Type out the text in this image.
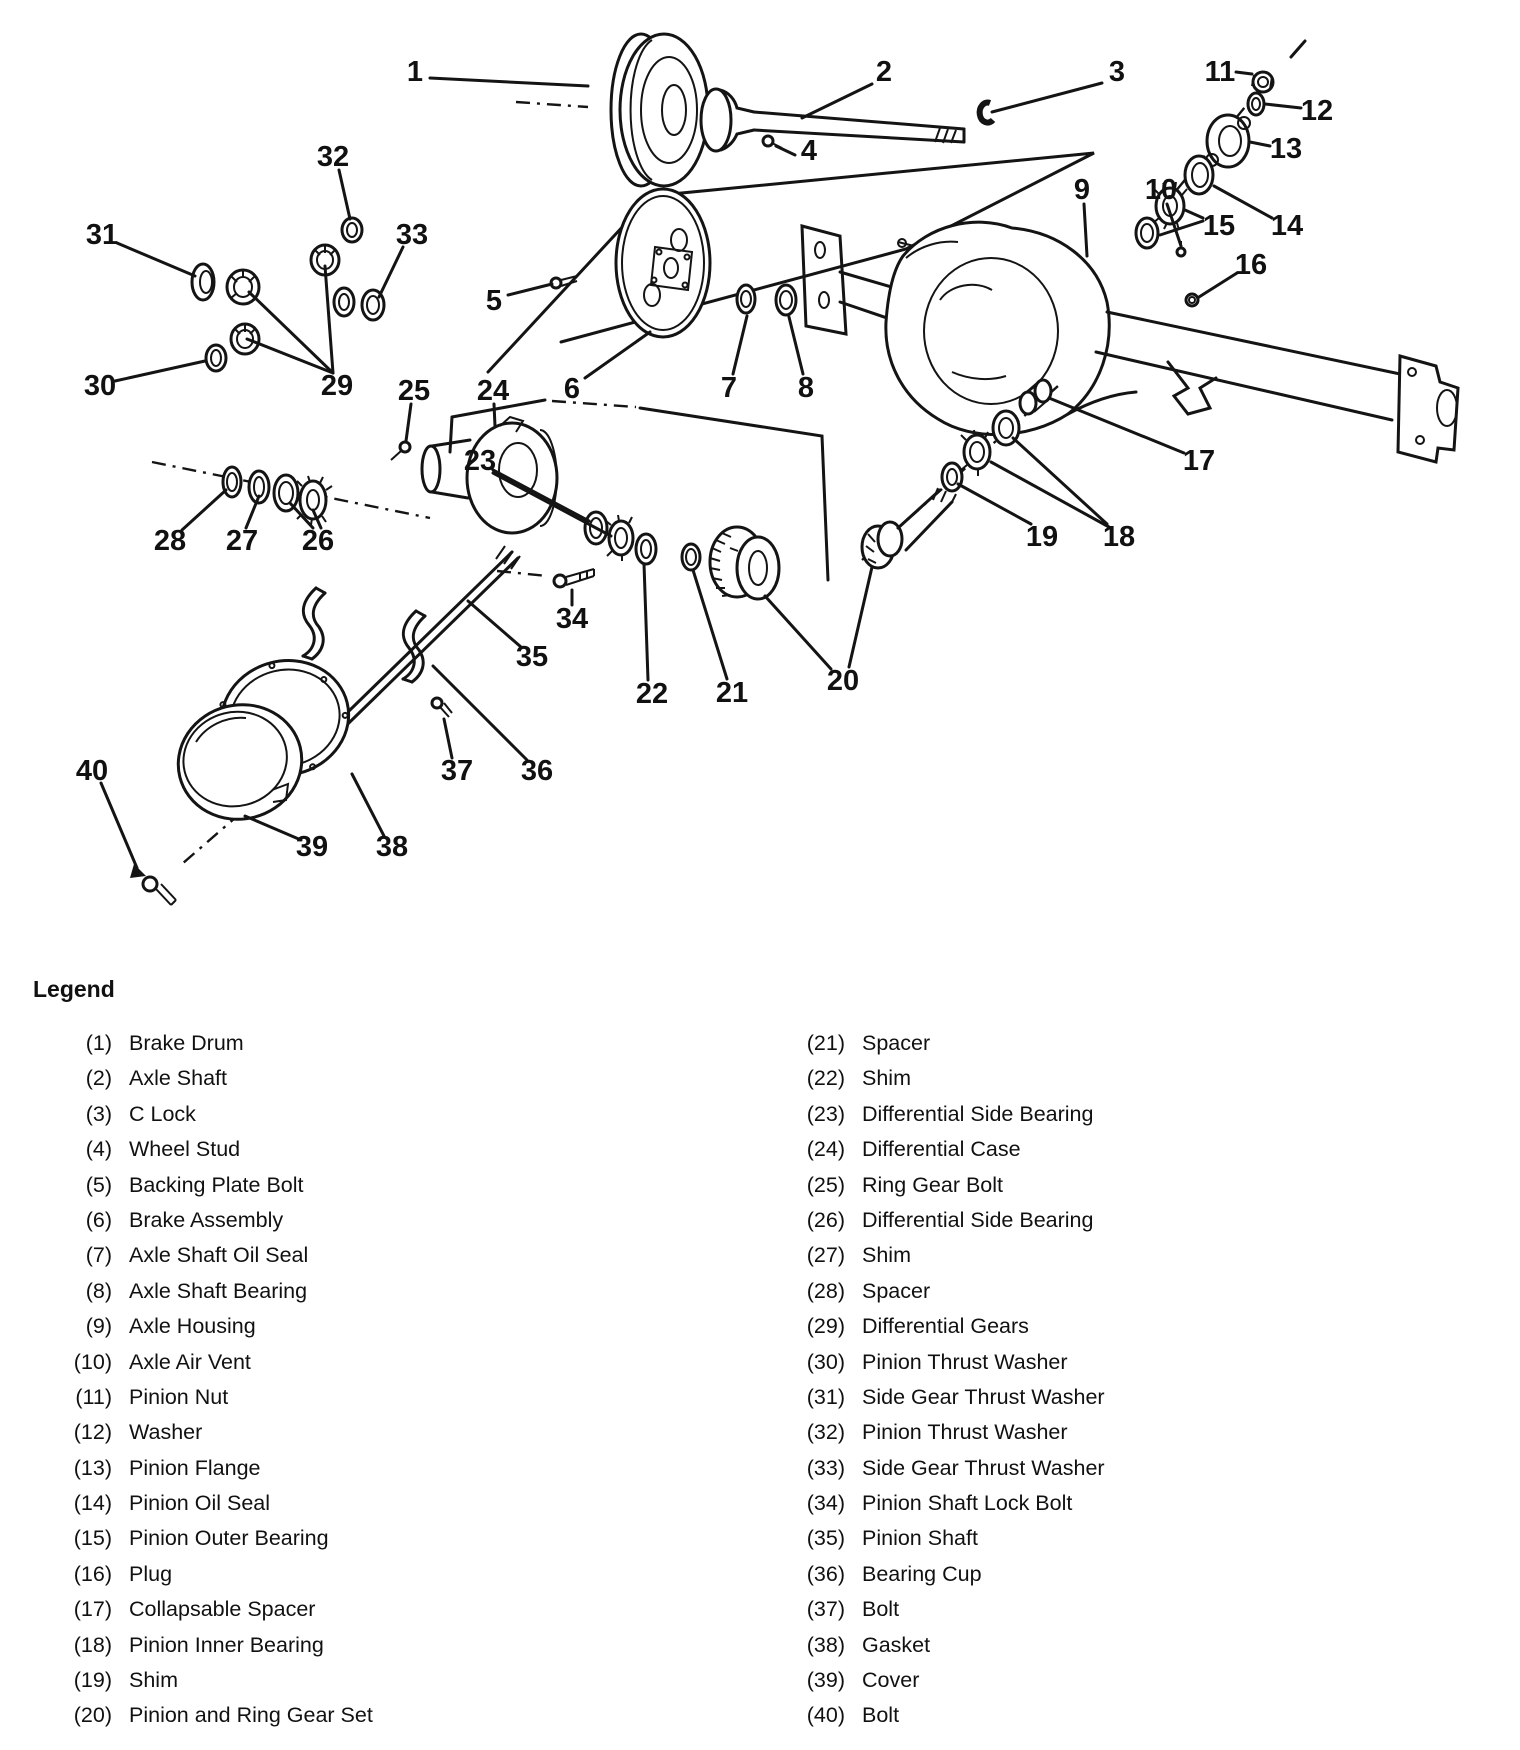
1	2	3
4
5
6	7 8
9 10
11
12
13
14
15
16
17
18
19
20
21
22
23
24
25
26
27
28
29
30
31
32
33
34
35
36
37
38
39
40
Legend
(1) Brake Drum
(2) Axle Shaft
(3) C Lock
(4) Wheel Stud
(5) Backing Plate Bolt
(6) Brake Assembly
(7) Axle Shaft Oil Seal
(8) Axle Shaft Bearing
(9) Axle Housing
(10) Axle Air Vent
(11) Pinion Nut
(12) Washer
(13) Pinion Flange
(14) Pinion Oil Seal
(15) Pinion Outer Bearing
(16) Plug
(17) Collapsable Spacer
(18) Pinion Inner Bearing
(19) Shim
(20) Pinion and Ring Gear Set
(21) Spacer
(22) Shim
(23) Differential Side Bearing
(24) Differential Case
(25) Ring Gear Bolt
(26) Differential Side Bearing
(27) Shim
(28) Spacer
(29) Differential Gears
(30) Pinion Thrust Washer
(31) Side Gear Thrust Washer
(32) Pinion Thrust Washer
(33) Side Gear Thrust Washer
(34) Pinion Shaft Lock Bolt
(35) Pinion Shaft
(36) Bearing Cup
(37) Bolt
(38) Gasket
(39) Cover
(40) Bolt
